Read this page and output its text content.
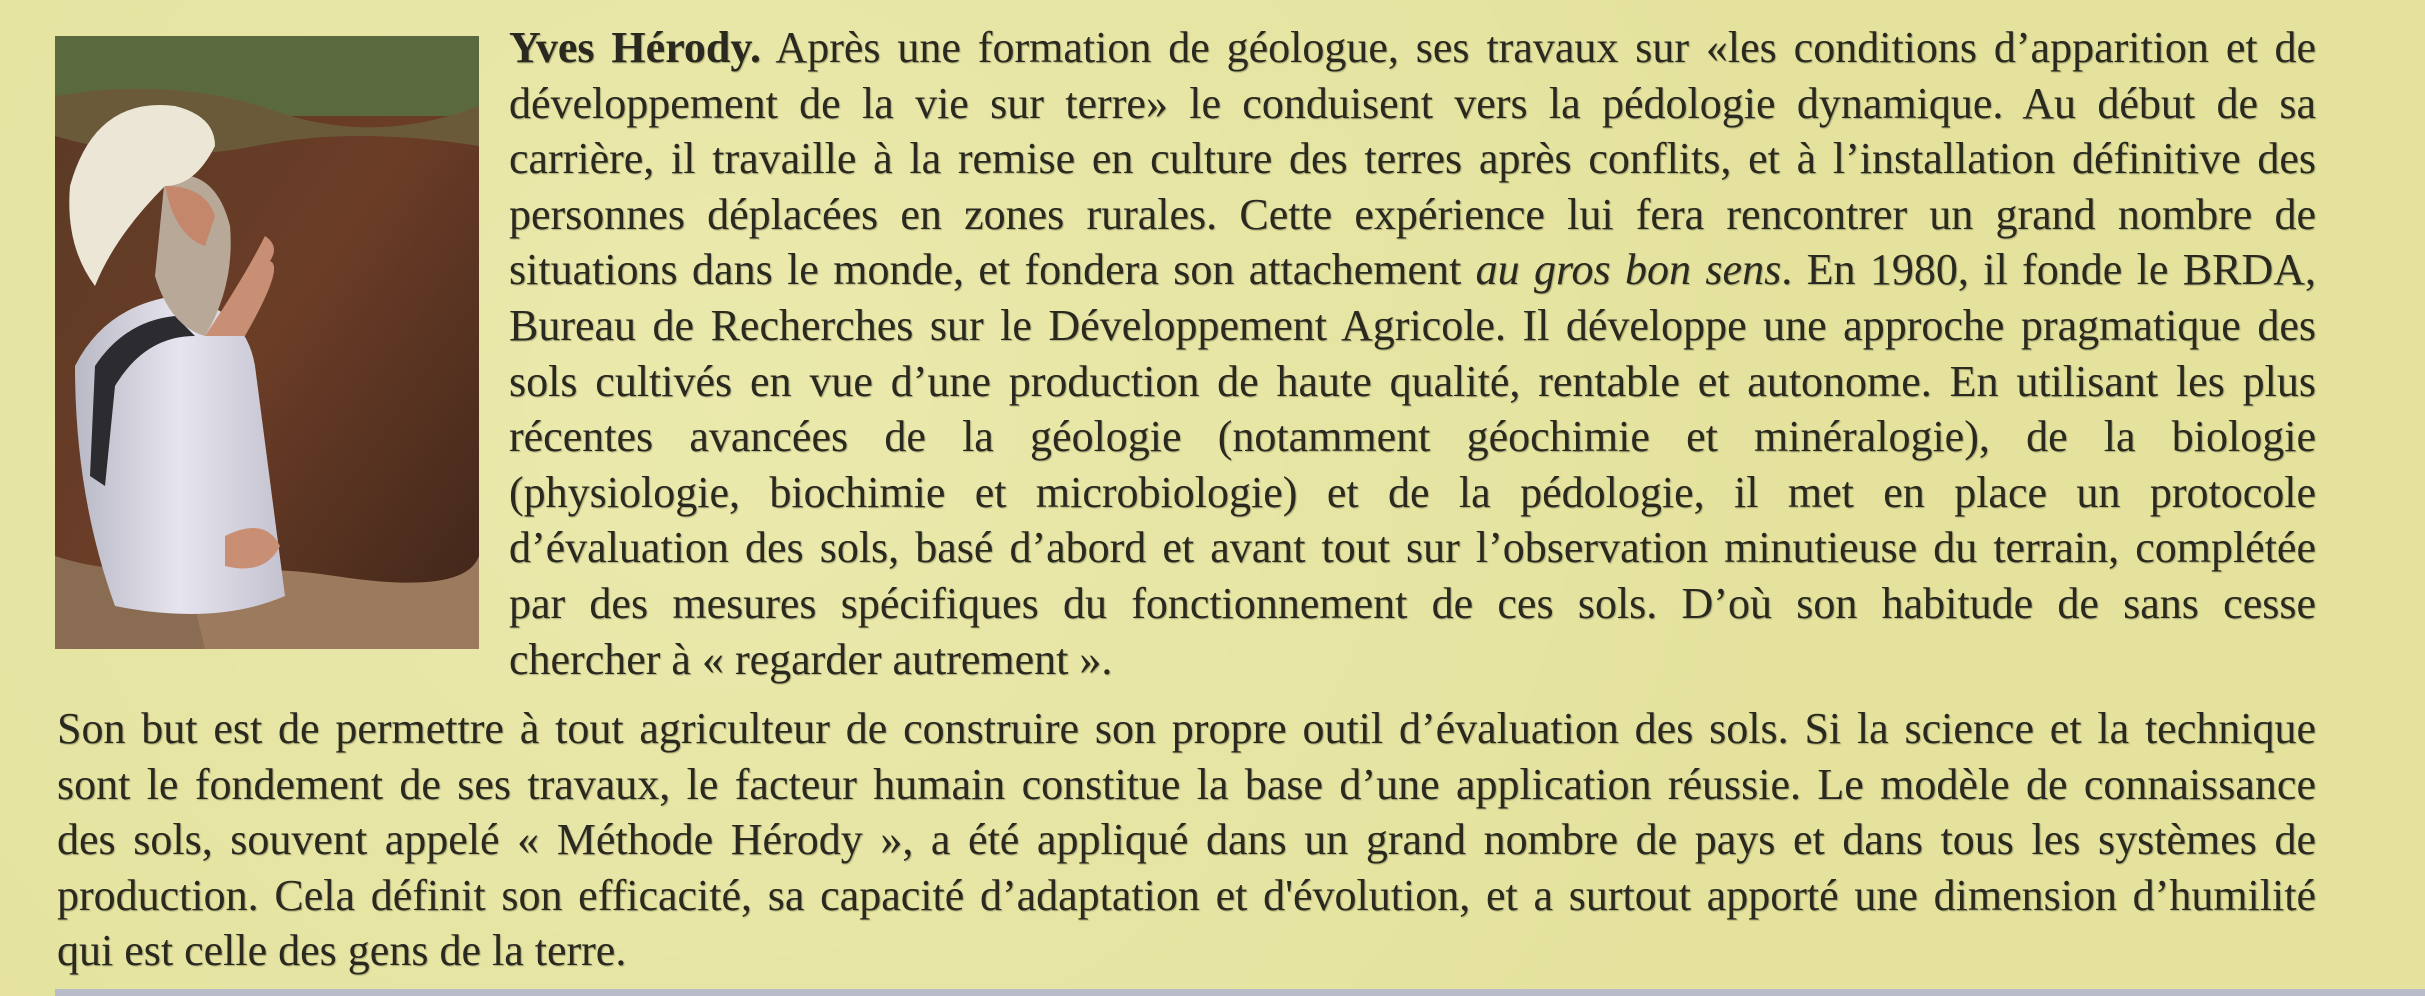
Yves Hérody. Après une formation de géologue, ses travaux sur «les conditions d’apparition et de
développement de la vie sur terre» le conduisent vers la pédologie dynamique. Au début de sa
carrière, il travaille à la remise en culture des terres après conflits, et à l’installation définitive des
personnes déplacées en zones rurales. Cette expérience lui fera rencontrer un grand nombre de
situations dans le monde, et fondera son attachement au gros bon sens. En 1980, il fonde le BRDA,
Bureau de Recherches sur le Développement Agricole. Il développe une approche pragmatique des
sols cultivés en vue d’une production de haute qualité, rentable et autonome. En utilisant les plus
récentes avancées de la géologie (notamment géochimie et minéralogie), de la biologie
(physiologie, biochimie et microbiologie) et de la pédologie, il met en place un protocole
d’évaluation des sols, basé d’abord et avant tout sur l’observation minutieuse du terrain, complétée
par des mesures spécifiques du fonctionnement de ces sols. D’où son habitude de sans cesse
chercher à « regarder autrement ».
Son but est de permettre à tout agriculteur de construire son propre outil d’évaluation des sols. Si la science et la technique
sont le fondement de ses travaux, le facteur humain constitue la base d’une application réussie. Le modèle de connaissance
des sols, souvent appelé « Méthode Hérody », a été appliqué dans un grand nombre de pays et dans tous les systèmes de
production. Cela définit son efficacité, sa capacité d’adaptation et d'évolution, et a surtout apporté une dimension d’humilité
qui est celle des gens de la terre.
